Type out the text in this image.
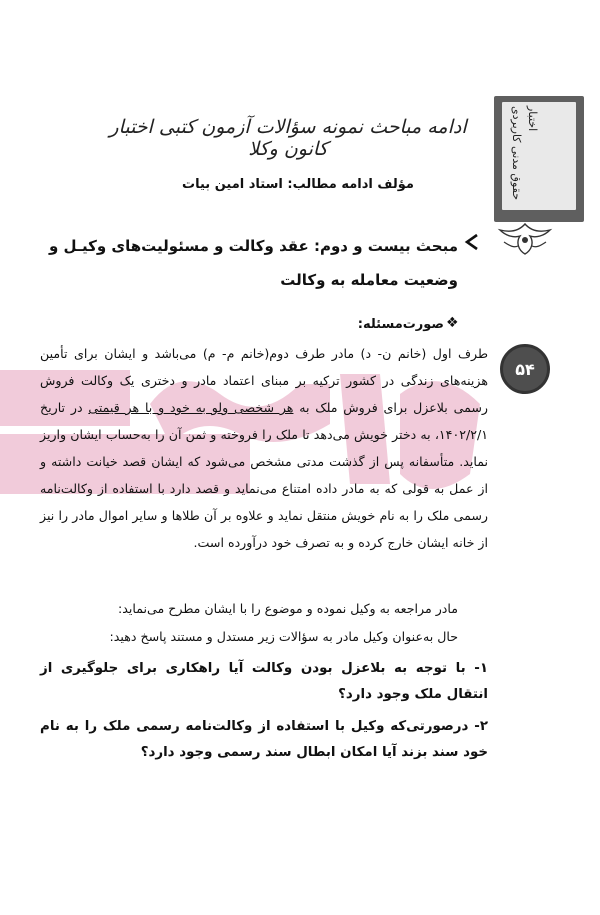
حقوق مدنی کاربردی اختبار
۵۴
ادامه مباحث نمونه سؤالات آزمون کتبی اختبار کانون وکلا
مؤلف ادامه مطالب: استاد امین بیات
مبحث بیست و دوم: عقد وکالت و مسئولیت‌های وکیـل و
وضعیت معامله به وکالت
❖
صورت‌مسئله:

طرف اول (خانم ن- د) مادر طرف دوم(خانم م- م) می‌باشد و ایشان برای تأمین هزینه‌های زندگی در کشور ترکیه بر مبنای اعتماد مادر و دختری یک وکالت فروش رسمی بلاعزل برای فروش ملک به هر شخصی ولو به خود و با هر قیمتی در تاریخ ۱۴۰۲/۲/۱، به دختر خویش می‌دهد تا ملک را فروخته و ثمن آن را به‌حساب ایشان واریز نماید. متأسفانه پس از گذشت مدتی مشخص می‌شود که ایشان قصد خیانت داشته و از عمل به قولی که به مادر داده امتناع می‌نماید و قصد دارد با استفاده از وکالت‌نامه رسمی ملک را به نام خویش منتقل نماید و علاوه بر آن طلاها و سایر اموال مادر را نیز از خانه ایشان خارج کرده و به تصرف خود درآورده است.

مادر مراجعه به وکیل نموده و موضوع را با ایشان مطرح می‌نماید:
حال به‌عنوان وکیل مادر به سؤالات زیر مستدل و مستند پاسخ دهید:
۱- با توجه به بلاعزل بودن وکالت آیا راهکاری برای جلوگیری از انتقال ملک وجود دارد؟
۲- درصورتی‌که وکیل با استفاده از وکالت‌نامه رسمی ملک را به نام خود سند بزند آیا امکان ابطال سند رسمی وجود دارد؟
